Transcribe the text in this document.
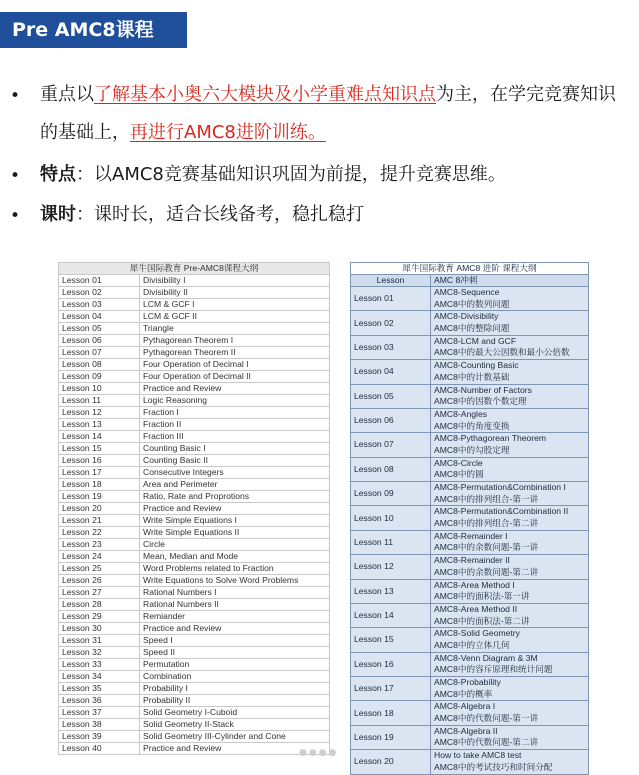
Pre AMC8课程
• 重点以了解基本小奥六大模块及小学重难点知识点为主，在学完竞赛知识的基础上，再进行AMC8进阶训练。
• 特点：以AMC8竞赛基础知识巩固为前提，提升竞赛思维。
• 课时：课时长，适合长线备考，稳扎稳打
犀牛国际教育 Pre-AMC8课程大纲	
Lesson 01	Divisibility I
Lesson 02	Divisibility II
Lesson 03	LCM & GCF I
Lesson 04	LCM & GCF II
Lesson 05	Triangle
Lesson 06	Pythagorean Theorem I
Lesson 07	Pythagorean Theorem II
Lesson 08	Four Operation of Decimal I
Lesson 09	Four Operation of Decimal II
Lesson 10	Practice and Review
Lesson 11	Logic Reasoning
Lesson 12	Fraction I
Lesson 13	Fraction II
Lesson 14	Fraction III
Lesson 15	Counting Basic I
Lesson 16	Counting Basic II
Lesson 17	Consecutive Integers
Lesson 18	Area and Perimeter
Lesson 19	Ratio, Rate and Proprotions
Lesson 20	Practice and Review
Lesson 21	Write Simple Equations I
Lesson 22	Write Simple Equations II
Lesson 23	Circle
Lesson 24	Mean, Median and Mode
Lesson 25	Word Problems related to Fraction
Lesson 26	Write Equations to Solve Word Problems
Lesson 27	Rational Numbers I
Lesson 28	Rational Numbers II
Lesson 29	Remiander
Lesson 30	Practice and Review
Lesson 31	Speed I
Lesson 32	Speed II
Lesson 33	Permutation
Lesson 34	Combination
Lesson 35	Probability I
Lesson 36	Probability II
Lesson 37	Solid Geometry I-Cuboid
Lesson 38	Solid Geometry II-Stack
Lesson 39	Solid Geometry III-Cylinder and Cone
Lesson 40	Practice and Review
犀牛国际教育 AMC8 进阶 课程大纲	
Lesson	AMC 8冲刺
Lesson 01	AMC8-Sequence
AMC8中的数列问题

Lesson 02	AMC8-Divisibility
AMC8中的整除问题

Lesson 03	AMC8-LCM and GCF
AMC8中的最大公因数和最小公倍数

Lesson 04	AMC8-Counting Basic
AMC8中的计数基础

Lesson 05	AMC8-Number of Factors
AMC8中的因数个数定理

Lesson 06	AMC8-Angles
AMC8中的角度变换

Lesson 07	AMC8-Pythagorean Theorem
AMC8中的勾股定理

Lesson 08	AMC8-Circle
AMC8中的圆

Lesson 09	AMC8-Permutation&Combination I
AMC8中的排列组合-第一讲

Lesson 10	AMC8-Permutation&Combination II
AMC8中的排列组合-第二讲

Lesson 11	AMC8-Remainder I
AMC8中的余数问题-第一讲

Lesson 12	AMC8-Remainder II
AMC8中的余数问题-第二讲

Lesson 13	AMC8-Area Method I
AMC8中的面积法-第一讲

Lesson 14	AMC8-Area Method II
AMC8中的面积法-第二讲

Lesson 15	AMC8-Solid Geometry
AMC8中的立体几何

Lesson 16	AMC8-Venn Diagram & 3M
AMC8中的容斥原理和统计问题

Lesson 17	AMC8-Probability
AMC8中的概率

Lesson 18	AMC8-Algebra I
AMC8中的代数问题-第一讲

Lesson 19	AMC8-Algebra II
AMC8中的代数问题-第二讲

Lesson 20	How to take AMC8 test
AMC8中的考试技巧和时间分配
●●●●
